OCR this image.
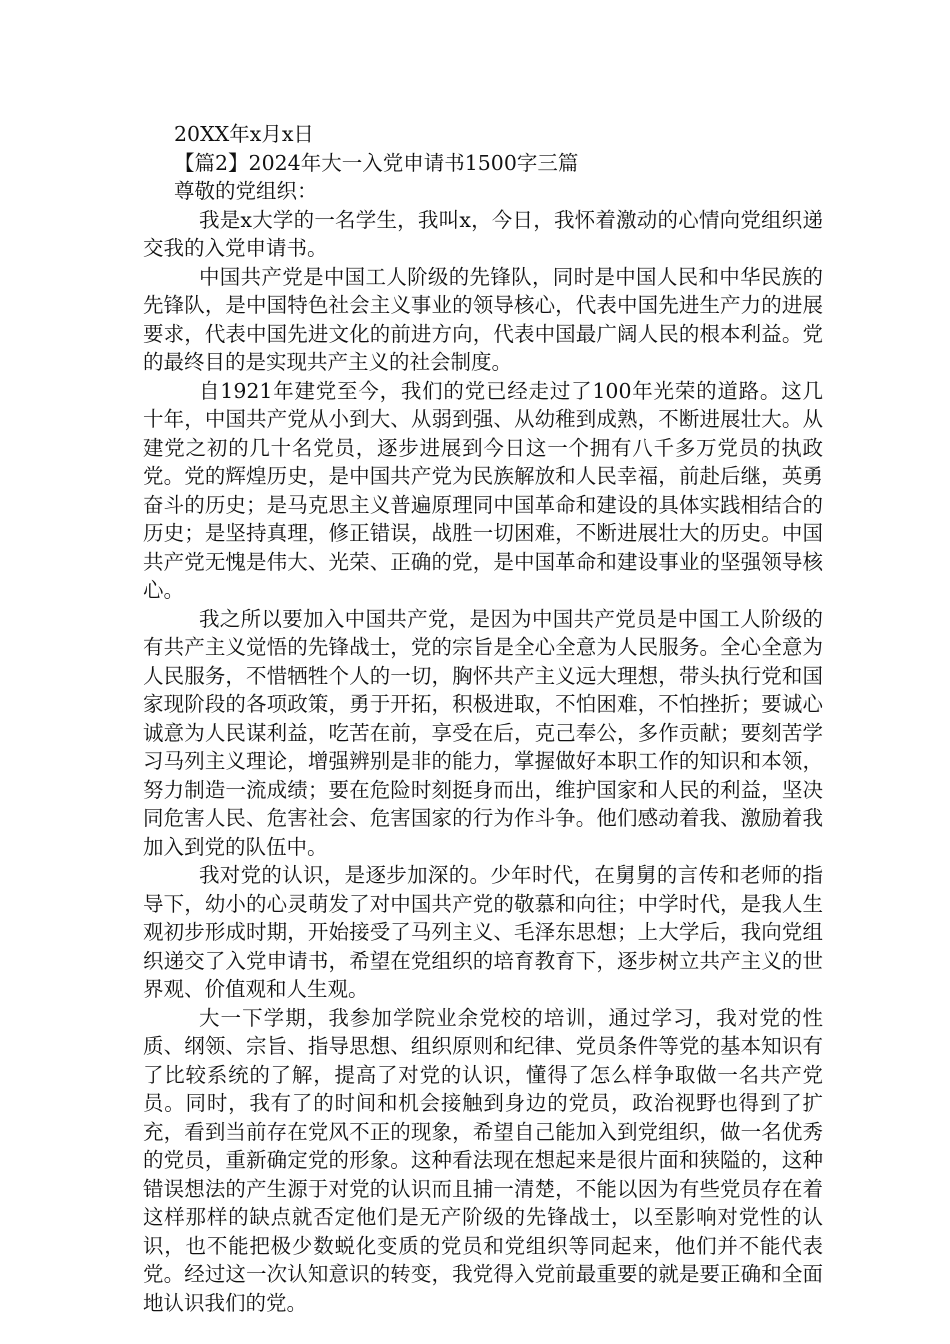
20XX年x月x日

【篇2】2024年大一入党申请书1500字三篇

尊敬的党组织：

我是x大学的一名学生，我叫x，今日，我怀着激动的心情向党组织递交我的入党申请书。

中国共产党是中国工人阶级的先锋队，同时是中国人民和中华民族的先锋队，是中国特色社会主义事业的领导核心，代表中国先进生产力的进展要求，代表中国先进文化的前进方向，代表中国最广阔人民的根本利益。党的最终目的是实现共产主义的社会制度。

自1921年建党至今，我们的党已经走过了100年光荣的道路。这几十年，中国共产党从小到大、从弱到强、从幼稚到成熟，不断进展壮大。从建党之初的几十名党员，逐步进展到今日这一个拥有八千多万党员的执政党。党的辉煌历史，是中国共产党为民族解放和人民幸福，前赴后继，英勇奋斗的历史；是马克思主义普遍原理同中国革命和建设的具体实践相结合的历史；是坚持真理，修正错误，战胜一切困难，不断进展壮大的历史。中国共产党无愧是伟大、光荣、正确的党，是中国革命和建设事业的坚强领导核心。

我之所以要加入中国共产党，是因为中国共产党员是中国工人阶级的有共产主义觉悟的先锋战士，党的宗旨是全心全意为人民服务。全心全意为人民服务，不惜牺牲个人的一切，胸怀共产主义远大理想，带头执行党和国家现阶段的各项政策，勇于开拓，积极进取，不怕困难，不怕挫折；要诚心诚意为人民谋利益，吃苦在前，享受在后，克己奉公，多作贡献；要刻苦学习马列主义理论，增强辨别是非的能力，掌握做好本职工作的知识和本领，努力制造一流成绩；要在危险时刻挺身而出，维护国家和人民的利益，坚决同危害人民、危害社会、危害国家的行为作斗争。他们感动着我、激励着我加入到党的队伍中。

我对党的认识，是逐步加深的。少年时代，在舅舅的言传和老师的指导下，幼小的心灵萌发了对中国共产党的敬慕和向往；中学时代，是我人生观初步形成时期，开始接受了马列主义、毛泽东思想；上大学后，我向党组织递交了入党申请书，希望在党组织的培育教育下，逐步树立共产主义的世界观、价值观和人生观。

大一下学期，我参加学院业余党校的培训，通过学习，我对党的性质、纲领、宗旨、指导思想、组织原则和纪律、党员条件等党的基本知识有了比较系统的了解，提高了对党的认识，懂得了怎么样争取做一名共产党员。同时，我有了的时间和机会接触到身边的党员，政治视野也得到了扩充，看到当前存在党风不正的现象，希望自己能加入到党组织，做一名优秀的党员，重新确定党的形象。这种看法现在想起来是很片面和狭隘的，这种错误想法的产生源于对党的认识而且捕一清楚，不能以因为有些党员存在着这样那样的缺点就否定他们是无产阶级的先锋战士，以至影响对党性的认识，也不能把极少数蜕化变质的党员和党组织等同起来，他们并不能代表党。经过这一次认知意识的转变，我党得入党前最重要的就是要正确和全面地认识我们的党。
